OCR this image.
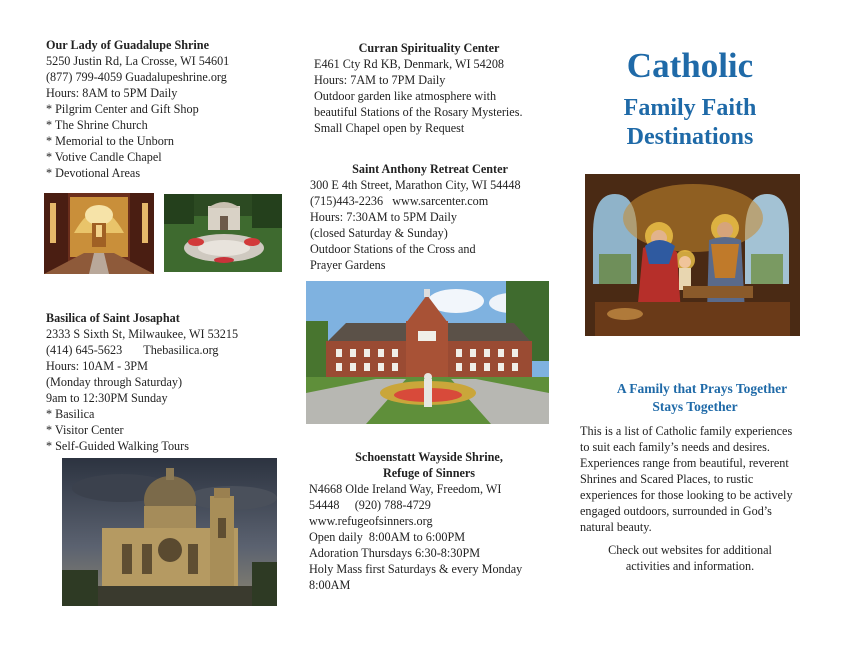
Our Lady of Guadalupe Shrine
5250 Justin Rd, La Crosse, WI 54601
(877) 799-4059 Guadalupeshrine.org
Hours: 8AM to 5PM Daily
* Pilgrim Center and Gift Shop
* The Shrine Church
* Memorial to the Unborn
* Votive Candle Chapel
* Devotional Areas
Basilica of Saint Josaphat
2333 S Sixth St, Milwaukee, WI 53215
(414) 645-5623       Thebasilica.org
Hours: 10AM - 3PM
(Monday through Saturday)
9am to 12:30PM Sunday
* Basilica
* Visitor Center
* Self-Guided Walking Tours
Curran Spirituality Center
E461 Cty Rd KB, Denmark, WI 54208
Hours: 7AM to 7PM Daily
Outdoor garden like atmosphere with
beautiful Stations of the Rosary Mysteries.
Small Chapel open by Request
Saint Anthony Retreat Center
300 E 4th Street, Marathon City, WI 54448
(715)443-2236   www.sarcenter.com
Hours: 7:30AM to 5PM Daily
(closed Saturday & Sunday)
Outdoor Stations of the Cross and
Prayer Gardens
Schoenstatt Wayside Shrine,
Refuge of Sinners
N4668 Olde Ireland Way, Freedom, WI
54448     (920) 788-4729
www.refugeofsinners.org
Open daily  8:00AM to 6:00PM
Adoration Thursdays 6:30-8:30PM
Holy Mass first Saturdays & every Monday
8:00AM
Catholic
Family Faith
Destinations
A Family that Prays Together
Stays Together
This is a list of Catholic family experiences to suit each family’s needs and desires. Experiences range from beautiful, reverent Shrines and Scared Places, to rustic experiences for those looking to be actively engaged outdoors, surrounded in God’s natural beauty.
Check out websites for additional activities and information.
